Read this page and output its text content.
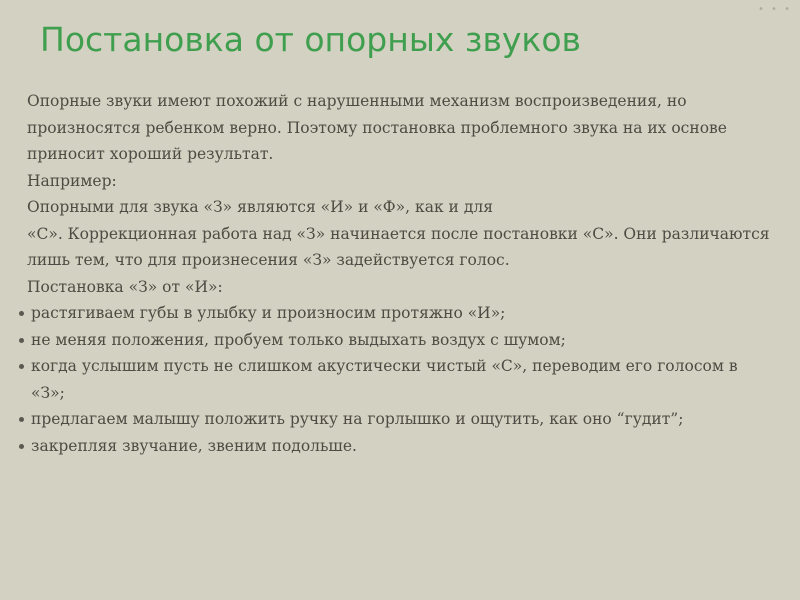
• • •
Постановка от опорных звуков

Опорные звуки имеют похожий с нарушенными механизм воспроизведения, но произносятся ребенком верно. Поэтому постановка проблемного звука на их основе приносит хороший результат.

Например:

Опорными для звука «З» являются «И» и «Ф», как и для
«С». Коррекционная работа над «З» начинается после постановки «С». Они различаются лишь тем, что для произнесения «З» задействуется голос.

Постановка «З» от «И»:

растягиваем губы в улыбку и произносим протяжно «И»;
не меняя положения, пробуем только выдыхать воздух с шумом;
когда услышим пусть не слишком акустически чистый «С», переводим его голосом в «З»;
предлагаем малышу положить ручку на горлышко и ощутить, как оно “гудит”;
закрепляя звучание, звеним подольше.
